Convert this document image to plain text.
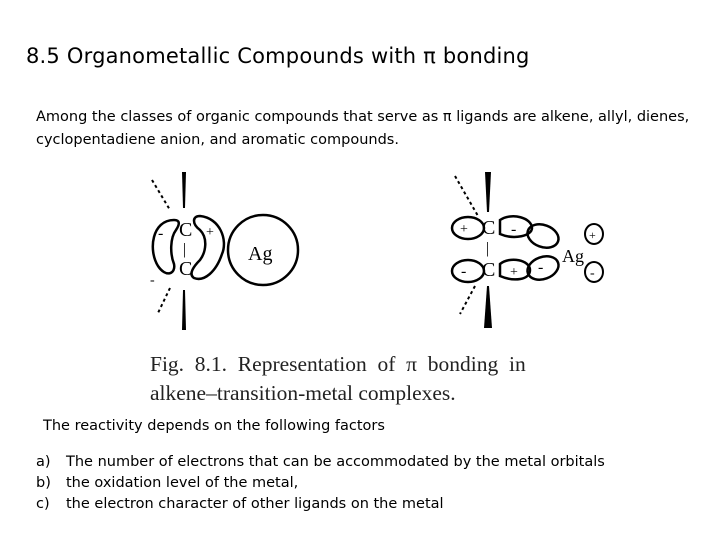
8.5 Organometallic Compounds with π bonding
Among the classes of organic compounds that serve as π ligands are alkene, allyl, dienes, cyclopentadiene anion, and aromatic compounds.
-	+
C
|
C
-
Ag
+
-
-
+ -
+
-
C
|
C
Ag
Fig.  8.1.  Representation  of  π  bonding  in
alkene–transition-metal complexes.
The reactivity depends on the following factors
a)	The number of electrons that can be accommodated by the metal orbitals
b)	the oxidation level of the metal,
c)	the electron character of other ligands on the metal
